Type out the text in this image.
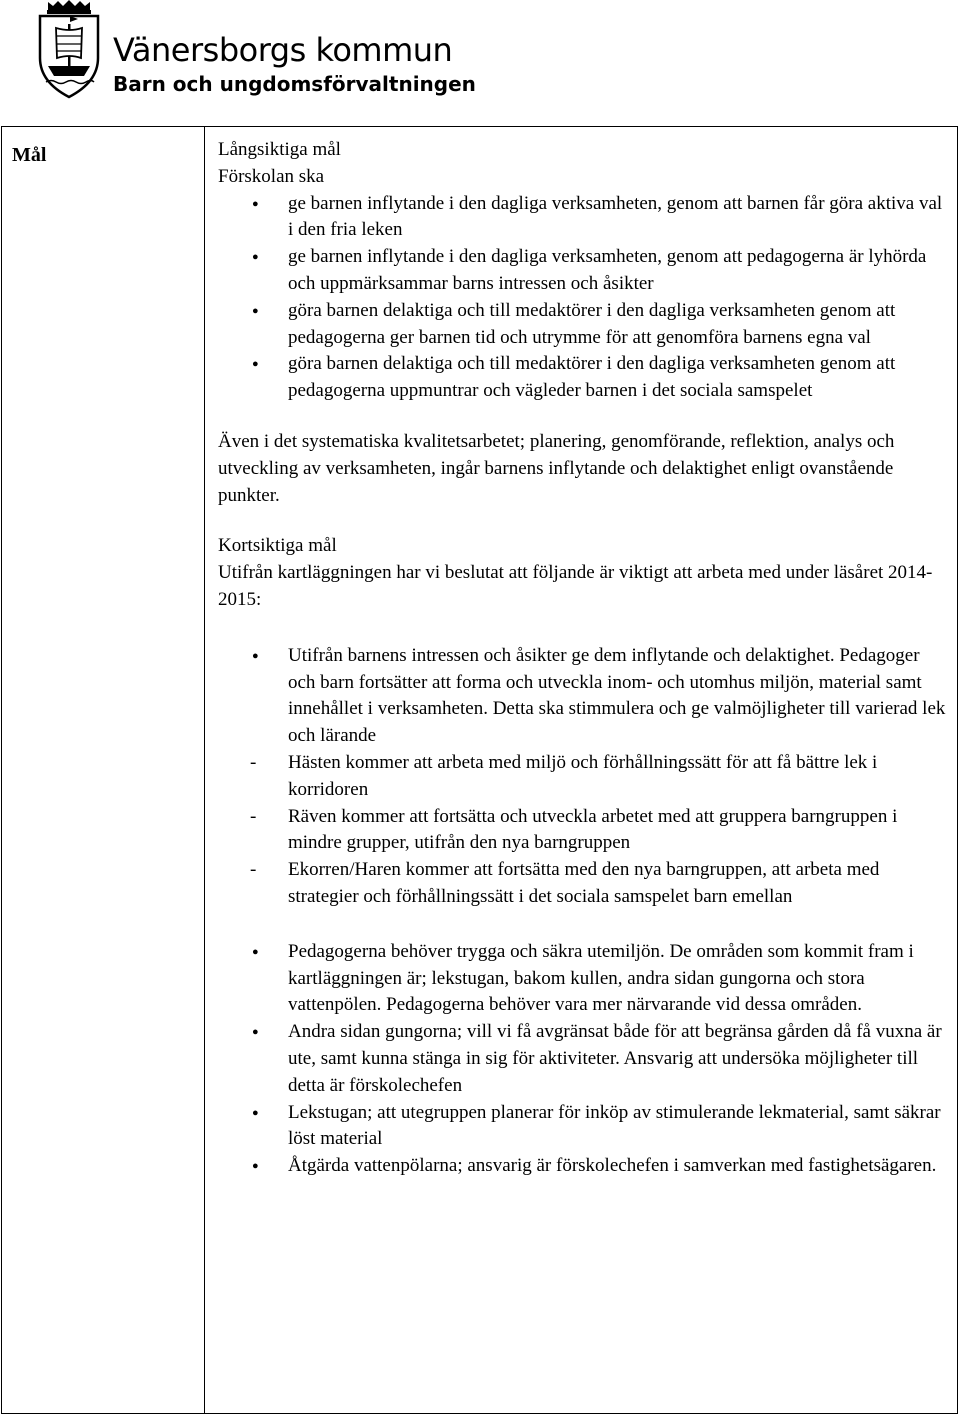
Vänersborgs kommun
Barn och ungdomsförvaltningen
Mål	Långsiktiga mål

Förskolan ska

● ge barnen inflytande i den dagliga verksamheten, genom att barnen får göra aktiva val i den fria leken
● ge barnen inflytande i den dagliga verksamheten, genom att pedagogerna är lyhörda och uppmärksammar barns intressen och åsikter
● göra barnen delaktiga och till medaktörer i den dagliga verksamheten genom att pedagogerna ger barnen tid och utrymme för att genomföra barnens egna val
● göra barnen delaktiga och till medaktörer i den dagliga verksamheten genom att pedagogerna uppmuntrar och vägleder barnen i det sociala samspelet

Även i det systematiska kvalitetsarbetet; planering, genomförande, reflektion, analys och utveckling av verksamheten, ingår barnens inflytande och delaktighet enligt ovanstående punkter.

Kortsiktiga mål

Utifrån kartläggningen har vi beslutat att följande är viktigt att arbeta med under läsåret 2014-2015:

● Utifrån barnens intressen och åsikter ge dem inflytande och delaktighet. Pedagoger och barn fortsätter att forma och utveckla inom- och utomhus miljön, material samt innehållet i verksamheten. Detta ska stimmulera och ge valmöjligheter till varierad lek och lärande
- Hästen kommer att arbeta med miljö och förhållningssätt för att få bättre lek i korridoren
- Räven kommer att fortsätta och utveckla arbetet med att gruppera barngruppen i mindre grupper, utifrån den nya barngruppen
- Ekorren/Haren kommer att fortsätta med den nya barngruppen, att arbeta med strategier och förhållningssätt i det sociala samspelet barn emellan
● Pedagogerna behöver trygga och säkra utemiljön. De områden som kommit fram i kartläggningen är; lekstugan, bakom kullen, andra sidan gungorna och stora vattenpölen. Pedagogerna behöver vara mer närvarande vid dessa områden.
● Andra sidan gungorna; vill vi få avgränsat både för att begränsa gården då få vuxna är ute, samt kunna stänga in sig för aktiviteter. Ansvarig att undersöka möjligheter till detta är förskolechefen
● Lekstugan; att utegruppen planerar för inköp av stimulerande lekmaterial, samt säkrar löst material
● Åtgärda vattenpölarna; ansvarig är förskolechefen i samverkan med fastighetsägaren.
